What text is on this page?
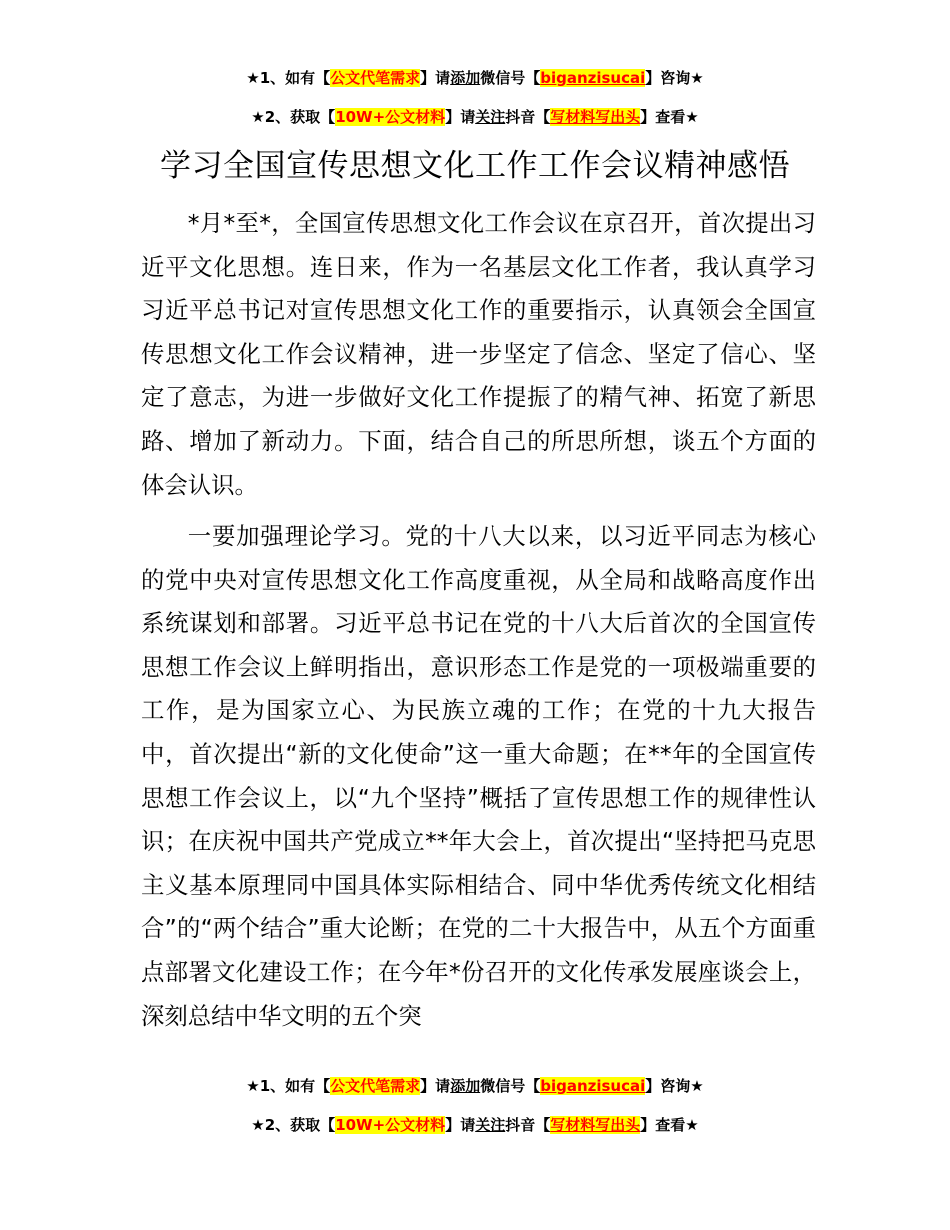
★1、如有【公文代笔需求】请添加微信号【biganzisucai】咨询★
★2、获取【10W+公文材料】请关注抖音【写材料写出头】查看★
学习全国宣传思想文化工作工作会议精神感悟

*月*至*，全国宣传思想文化工作会议在京召开，首次提出习近平文化思想。连日来，作为一名基层文化工作者，我认真学习习近平总书记对宣传思想文化工作的重要指示，认真领会全国宣传思想文化工作会议精神，进一步坚定了信念、坚定了信心、坚定了意志，为进一步做好文化工作提振了的精气神、拓宽了新思路、增加了新动力。下面，结合自己的所思所想，谈五个方面的体会认识。

一要加强理论学习。党的十八大以来，以习近平同志为核心的党中央对宣传思想文化工作高度重视，从全局和战略高度作出系统谋划和部署。习近平总书记在党的十八大后首次的全国宣传思想工作会议上鲜明指出，意识形态工作是党的一项极端重要的工作，是为国家立心、为民族立魂的工作；在党的十九大报告中，首次提出“新的文化使命”这一重大命题；在**年的全国宣传思想工作会议上，以“九个坚持”概括了宣传思想工作的规律性认识；在庆祝中国共产党成立**年大会上，首次提出“坚持把马克思主义基本原理同中国具体实际相结合、同中华优秀传统文化相结合”的“两个结合”重大论断；在党的二十大报告中，从五个方面重点部署文化建设工作；在今年*份召开的文化传承发展座谈会上，深刻总结中华文明的五个突

★1、如有【公文代笔需求】请添加微信号【biganzisucai】咨询★
★2、获取【10W+公文材料】请关注抖音【写材料写出头】查看★
